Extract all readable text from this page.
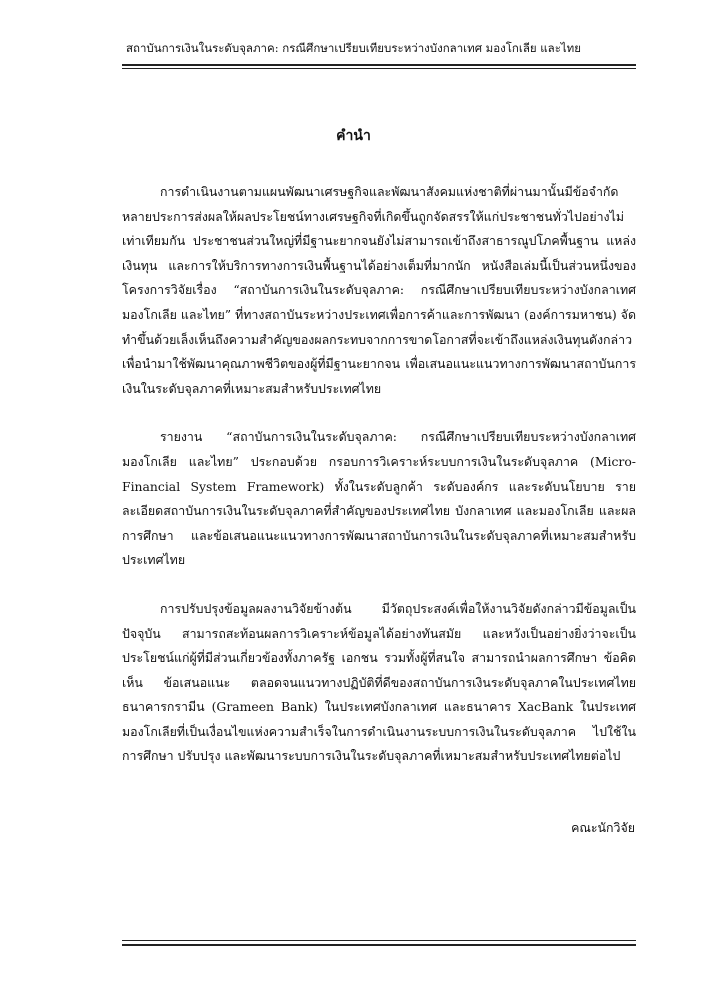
สถาบันการเงินในระดับจุลภาค: กรณีศึกษาเปรียบเทียบระหว่างบังกลาเทศ มองโกเลีย และไทย
คำนำ

การดำเนินงานตามแผนพัฒนาเศรษฐกิจและพัฒนาสังคมแห่งชาติที่ผ่านมานั้นมีข้อจำกัดหลายประการส่งผลให้ผลประโยชน์ทางเศรษฐกิจที่เกิดขึ้นถูกจัดสรรให้แก่ประชาชนทั่วไปอย่างไม่เท่าเทียมกัน ประชาชนส่วนใหญ่ที่มีฐานะยากจนยังไม่สามารถเข้าถึงสาธารณูปโภคพื้นฐาน แหล่งเงินทุน และการให้บริการทางการเงินพื้นฐานได้อย่างเต็มที่มากนัก หนังสือเล่มนี้เป็นส่วนหนึ่งของโครงการวิจัยเรื่อง “สถาบันการเงินในระดับจุลภาค: กรณีศึกษาเปรียบเทียบระหว่างบังกลาเทศ มองโกเลีย และไทย” ที่ทางสถาบันระหว่างประเทศเพื่อการค้าและการพัฒนา (องค์การมหาชน) จัดทำขึ้นด้วยเล็งเห็นถึงความสำคัญของผลกระทบจากการขาดโอกาสที่จะเข้าถึงแหล่งเงินทุนดังกล่าวเพื่อนำมาใช้พัฒนาคุณภาพชีวิตของผู้ที่มีฐานะยากจน เพื่อเสนอแนะแนวทางการพัฒนาสถาบันการเงินในระดับจุลภาคที่เหมาะสมสำหรับประเทศไทย

รายงาน “สถาบันการเงินในระดับจุลภาค: กรณีศึกษาเปรียบเทียบระหว่างบังกลาเทศ มองโกเลีย และไทย” ประกอบด้วย กรอบการวิเคราะห์ระบบการเงินในระดับจุลภาค (Micro-Financial System Framework) ทั้งในระดับลูกค้า ระดับองค์กร และระดับนโยบาย รายละเอียดสถาบันการเงินในระดับจุลภาคที่สำคัญของประเทศไทย บังกลาเทศ และมองโกเลีย และผลการศึกษา และข้อเสนอแนะแนวทางการพัฒนาสถาบันการเงินในระดับจุลภาคที่เหมาะสมสำหรับประเทศไทย

การปรับปรุงข้อมูลผลงานวิจัยข้างต้น มีวัตถุประสงค์เพื่อให้งานวิจัยดังกล่าวมีข้อมูลเป็นปัจจุบัน สามารถสะท้อนผลการวิเคราะห์ข้อมูลได้อย่างทันสมัย และหวังเป็นอย่างยิ่งว่าจะเป็นประโยชน์แก่ผู้ที่มีส่วนเกี่ยวข้องทั้งภาครัฐ เอกชน รวมทั้งผู้ที่สนใจ สามารถนำผลการศึกษา ข้อคิดเห็น ข้อเสนอแนะ ตลอดจนแนวทางปฏิบัติที่ดีของสถาบันการเงินระดับจุลภาคในประเทศไทย ธนาคารกรามีน (Grameen Bank) ในประเทศบังกลาเทศ และธนาคาร XacBank ในประเทศมองโกเลียที่เป็นเงื่อนไขแห่งความสำเร็จในการดำเนินงานระบบการเงินในระดับจุลภาค ไปใช้ในการศึกษา ปรับปรุง และพัฒนาระบบการเงินในระดับจุลภาคที่เหมาะสมสำหรับประเทศไทยต่อไป

คณะนักวิจัย
